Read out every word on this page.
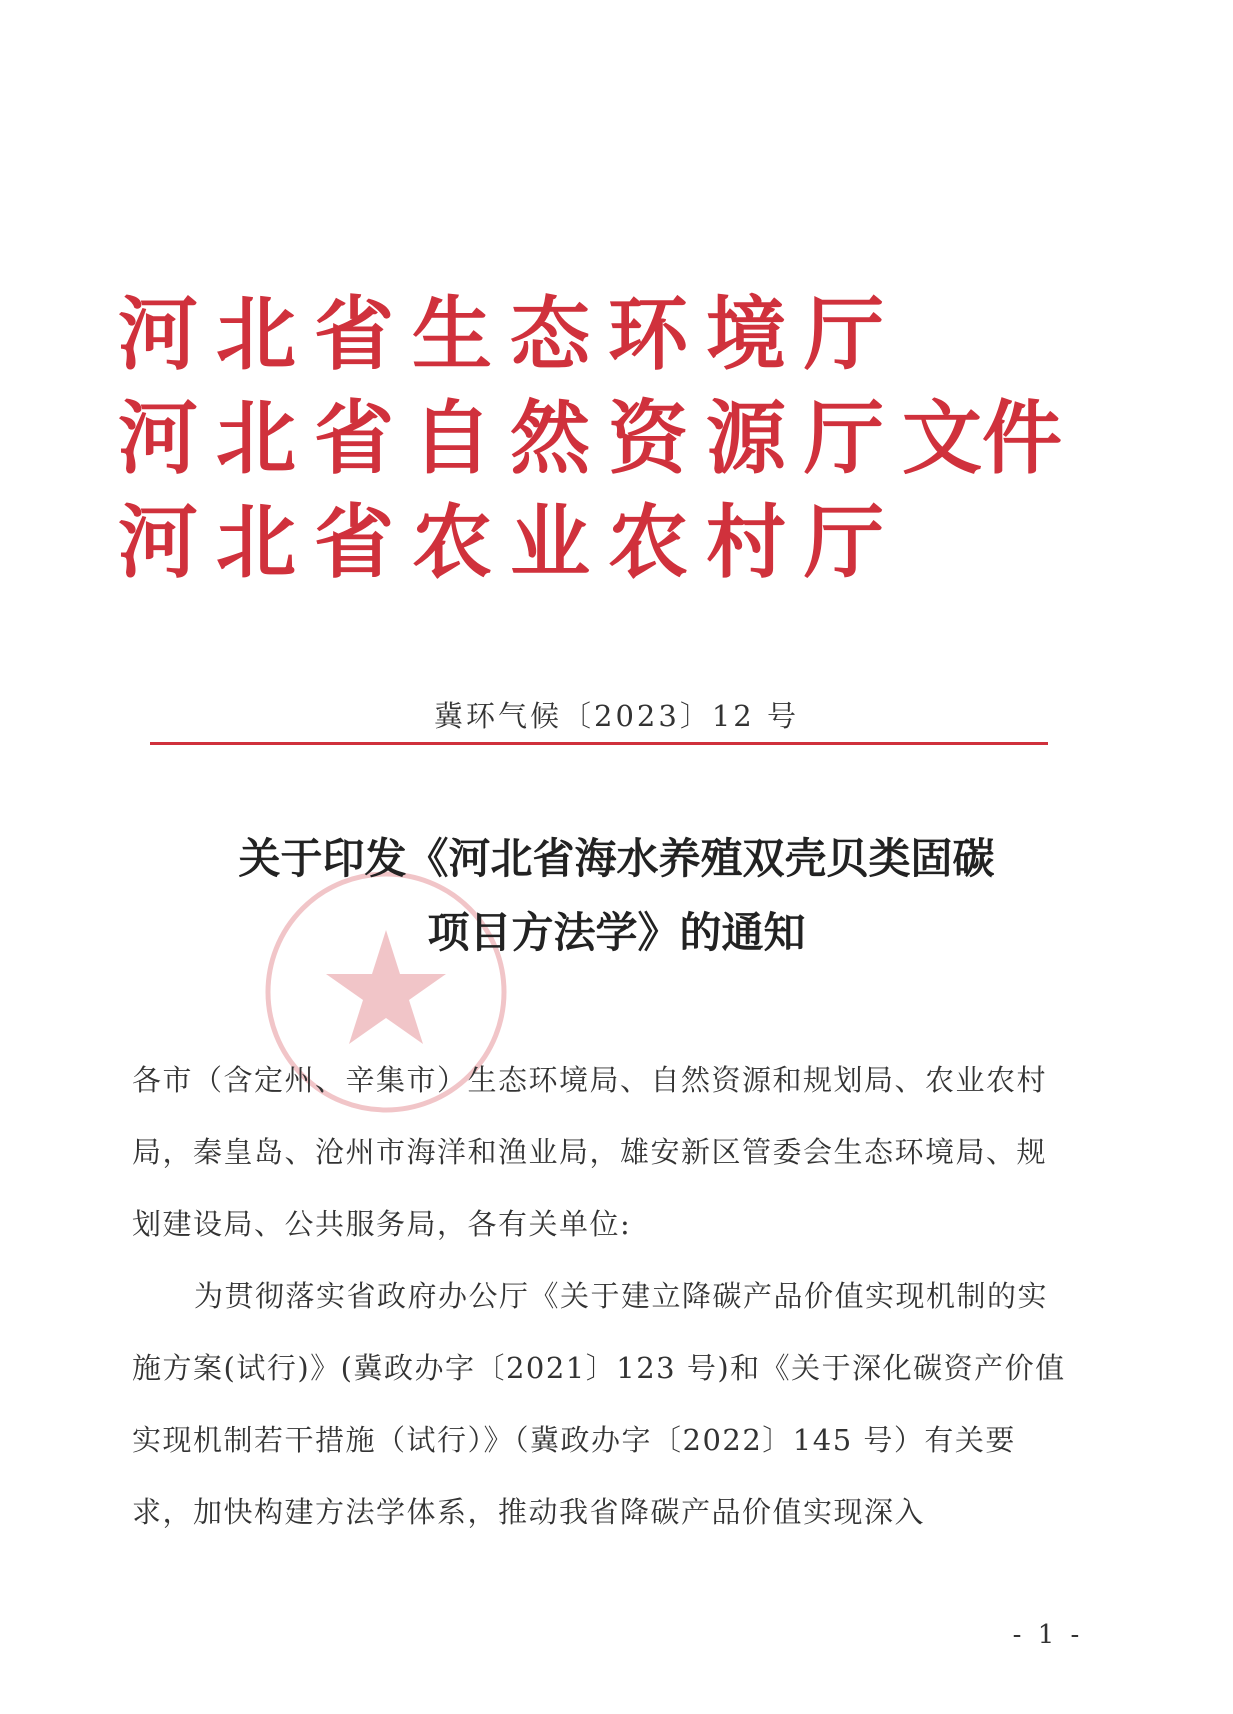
河北省生态环境厅
河北省自然资源厅文件
河北省农业农村厅
冀环气候〔2023〕12 号
关于印发《河北省海水养殖双壳贝类固碳
项目方法学》的通知

各市（含定州、辛集市）生态环境局、自然资源和规划局、农业农村局，秦皇岛、沧州市海洋和渔业局，雄安新区管委会生态环境局、规划建设局、公共服务局，各有关单位:

为贯彻落实省政府办公厅《关于建立降碳产品价值实现机制的实施方案(试行)》(冀政办字〔2021〕123 号)和《关于深化碳资产价值实现机制若干措施（试行）》（冀政办字〔2022〕145 号）有关要求，加快构建方法学体系，推动我省降碳产品价值实现深入

- 1 -
